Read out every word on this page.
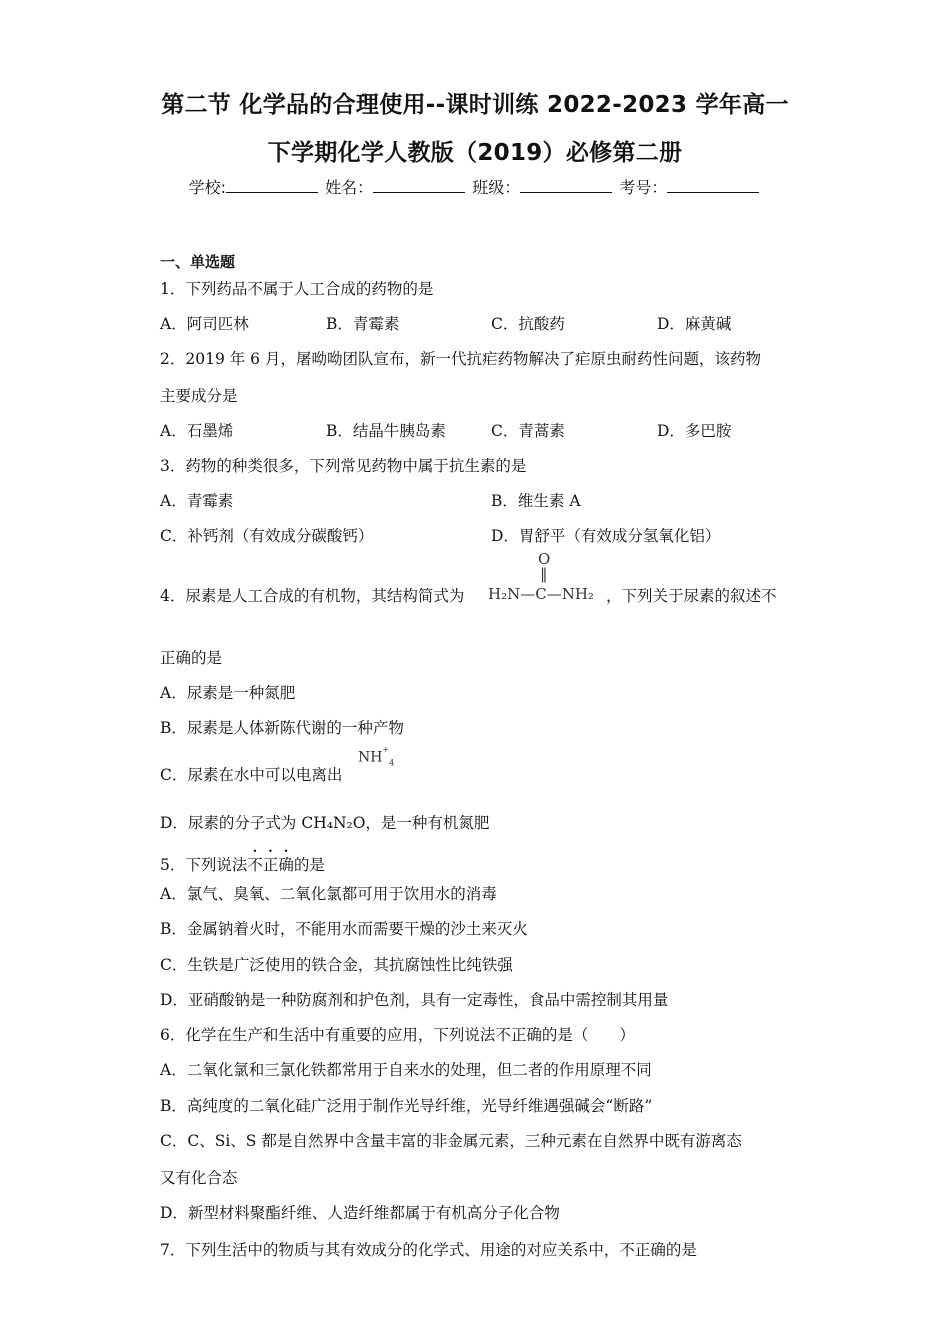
第二节 化学品的合理使用--课时训练 2022-2023 学年高一
下学期化学人教版（2019）必修第二册
学校:	姓名：	班级：	考号：
一、单选题
1．下列药品不属于人工合成的药物的是
A．阿司匹林	B．青霉素	C．抗酸药	D．麻黄碱
2．2019 年 6 月，屠呦呦团队宣布，新一代抗疟药物解决了疟原虫耐药性问题，该药物
主要成分是
A．石墨烯	B．结晶牛胰岛素	C．青蒿素	D．多巴胺
3．药物的种类很多，下列常见药物中属于抗生素的是
A．青霉素	B．维生素 A
C．补钙剂（有效成分碳酸钙）	D．胃舒平（有效成分氢氧化铝）
4．尿素是人工合成的有机物，其结构简式为
O
‖
H₂N—C—NH₂ ，下列关于尿素的叙述不
正确的是
A．尿素是一种氮肥
B．尿素是人体新陈代谢的一种产物
C．尿素在水中可以电离出
$NH^+_4$
D．尿素的分子式为 CH₄N₂O，是一种有机氮肥
5．下列说法不正确的是
A．氯气、臭氧、二氧化氯都可用于饮用水的消毒
B．金属钠着火时，不能用水而需要干燥的沙土来灭火
C．生铁是广泛使用的铁合金，其抗腐蚀性比纯铁强
D．亚硝酸钠是一种防腐剂和护色剂，具有一定毒性，食品中需控制其用量
6．化学在生产和生活中有重要的应用，下列说法不正确的是（　　）
A．二氧化氯和三氯化铁都常用于自来水的处理，但二者的作用原理不同
B．高纯度的二氧化硅广泛用于制作光导纤维，光导纤维遇强碱会“断路”
C．C、Si、S 都是自然界中含量丰富的非金属元素，三种元素在自然界中既有游离态
又有化合态
D．新型材料聚酯纤维、人造纤维都属于有机高分子化合物
7．下列生活中的物质与其有效成分的化学式、用途的对应关系中，不正确的是
